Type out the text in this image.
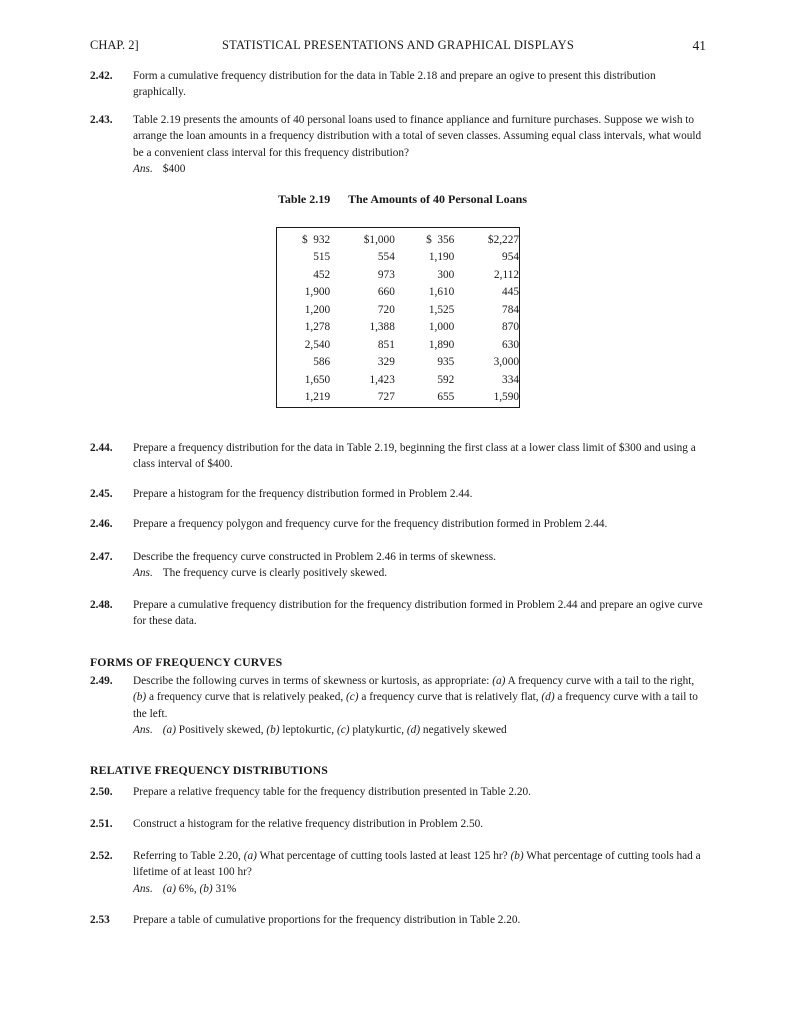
CHAP. 2]	STATISTICAL PRESENTATIONS AND GRAPHICAL DISPLAYS	41
2.42. Form a cumulative frequency distribution for the data in Table 2.18 and prepare an ogive to present this distribution graphically.
2.43. Table 2.19 presents the amounts of 40 personal loans used to finance appliance and furniture purchases. Suppose we wish to arrange the loan amounts in a frequency distribution with a total of seven classes. Assuming equal class intervals, what would be a convenient class interval for this frequency distribution?
Ans. $400
Table 2.19 The Amounts of 40 Personal Loans
$  932	$1,000	$  356	$2,227
515	554	1,190	954
452	973	300	2,112
1,900	660	1,610	445
1,200	720	1,525	784
1,278	1,388	1,000	870
2,540	851	1,890	630
586	329	935	3,000
1,650	1,423	592	334
1,219	727	655	1,590
2.44. Prepare a frequency distribution for the data in Table 2.19, beginning the first class at a lower class limit of $300 and using a class interval of $400.
2.45. Prepare a histogram for the frequency distribution formed in Problem 2.44.
2.46. Prepare a frequency polygon and frequency curve for the frequency distribution formed in Problem 2.44.
2.47. Describe the frequency curve constructed in Problem 2.46 in terms of skewness.
Ans. The frequency curve is clearly positively skewed.
2.48. Prepare a cumulative frequency distribution for the frequency distribution formed in Problem 2.44 and prepare an ogive curve for these data.
FORMS OF FREQUENCY CURVES
2.49. Describe the following curves in terms of skewness or kurtosis, as appropriate: (a) A frequency curve with a tail to the right, (b) a frequency curve that is relatively peaked, (c) a frequency curve that is relatively flat, (d) a frequency curve with a tail to the left.
Ans. (a) Positively skewed, (b) leptokurtic, (c) platykurtic, (d) negatively skewed
RELATIVE FREQUENCY DISTRIBUTIONS
2.50. Prepare a relative frequency table for the frequency distribution presented in Table 2.20.
2.51. Construct a histogram for the relative frequency distribution in Problem 2.50.
2.52. Referring to Table 2.20, (a) What percentage of cutting tools lasted at least 125 hr? (b) What percentage of cutting tools had a lifetime of at least 100 hr?
Ans. (a) 6%, (b) 31%
2.53 Prepare a table of cumulative proportions for the frequency distribution in Table 2.20.
